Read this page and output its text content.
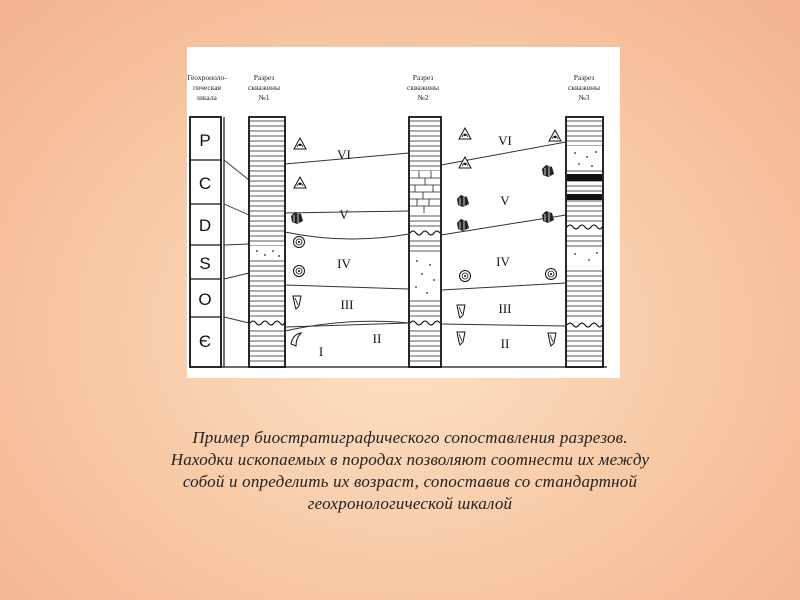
Геохроноло-
гическая
шкала
Разрез
скважины
№1
Разрез
скважины
№2
Разрез
скважины
№3
P
C
D
S
O
Є
VI
V
IV
III
II
I
VI
V
IV
III
II
Пример биостратиграфического сопоставления разрезов.
Находки ископаемых в породах позволяют соотнести их между
собой и определить их возраст, сопоставив со стандартной
геохронологической шкалой
